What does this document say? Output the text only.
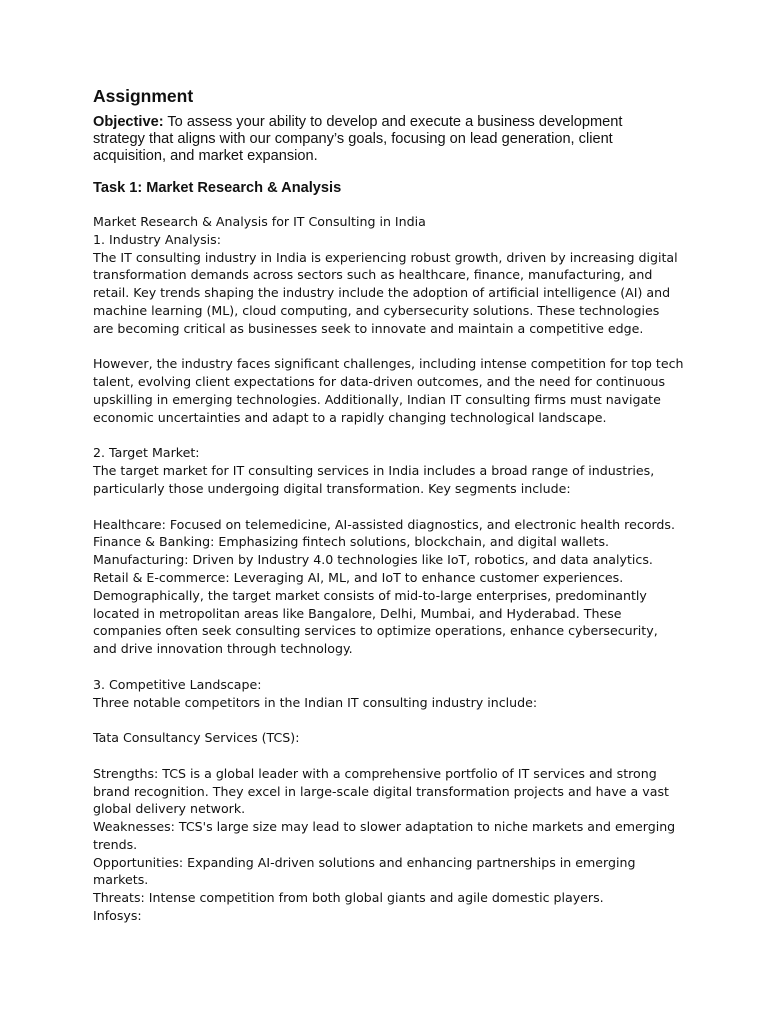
Assignment

Objective: To assess your ability to develop and execute a business development
strategy that aligns with our company’s goals, focusing on lead generation, client
acquisition, and market expansion.

Task 1: Market Research & Analysis
Market Research & Analysis for IT Consulting in India
1. Industry Analysis:
The IT consulting industry in India is experiencing robust growth, driven by increasing digital
transformation demands across sectors such as healthcare, finance, manufacturing, and
retail. Key trends shaping the industry include the adoption of artificial intelligence (AI) and
machine learning (ML), cloud computing, and cybersecurity solutions. These technologies
are becoming critical as businesses seek to innovate and maintain a competitive edge.
However, the industry faces significant challenges, including intense competition for top tech
talent, evolving client expectations for data-driven outcomes, and the need for continuous
upskilling in emerging technologies. Additionally, Indian IT consulting firms must navigate
economic uncertainties and adapt to a rapidly changing technological landscape.
2. Target Market:
The target market for IT consulting services in India includes a broad range of industries,
particularly those undergoing digital transformation. Key segments include:
Healthcare: Focused on telemedicine, AI-assisted diagnostics, and electronic health records.
Finance & Banking: Emphasizing fintech solutions, blockchain, and digital wallets.
Manufacturing: Driven by Industry 4.0 technologies like IoT, robotics, and data analytics.
Retail & E-commerce: Leveraging AI, ML, and IoT to enhance customer experiences.
Demographically, the target market consists of mid-to-large enterprises, predominantly
located in metropolitan areas like Bangalore, Delhi, Mumbai, and Hyderabad. These
companies often seek consulting services to optimize operations, enhance cybersecurity,
and drive innovation through technology.
3. Competitive Landscape:
Three notable competitors in the Indian IT consulting industry include:
Tata Consultancy Services (TCS):
Strengths: TCS is a global leader with a comprehensive portfolio of IT services and strong
brand recognition. They excel in large-scale digital transformation projects and have a vast
global delivery network.
Weaknesses: TCS's large size may lead to slower adaptation to niche markets and emerging
trends.
Opportunities: Expanding AI-driven solutions and enhancing partnerships in emerging
markets.
Threats: Intense competition from both global giants and agile domestic players.
Infosys:
